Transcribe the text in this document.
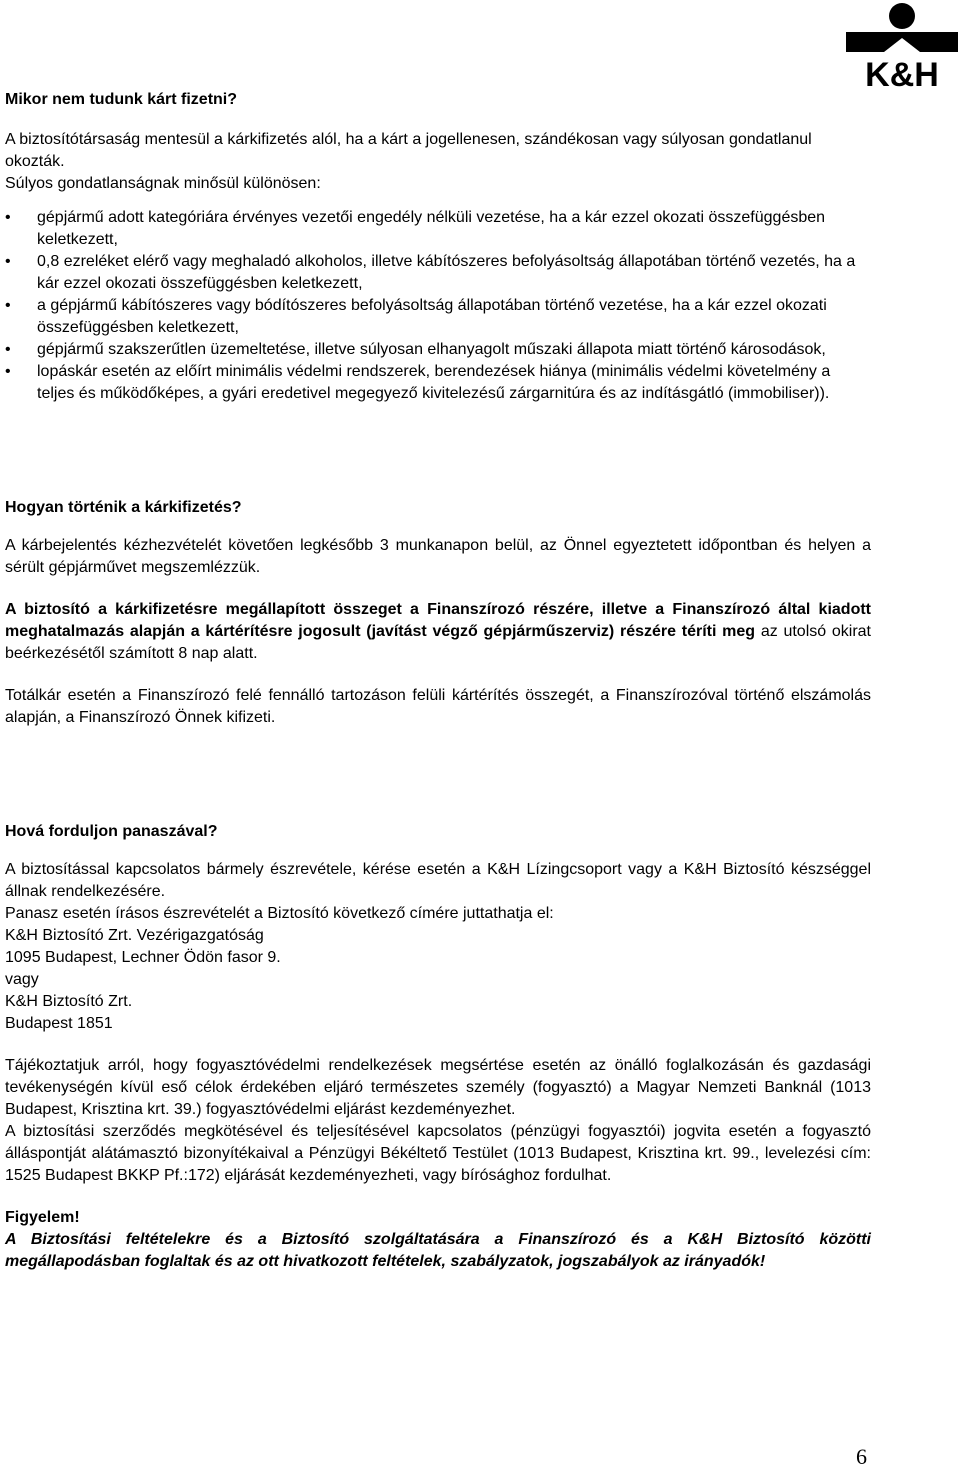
K&H

Mikor nem tudunk kárt fizetni?

A biztosítótársaság mentesül a kárkifizetés alól, ha a kárt a jogellenesen, szándékosan vagy súlyosan gondatlanul okozták.

Súlyos gondatlanságnak minősül különösen:

• gépjármű adott kategóriára érvényes vezetői engedély nélküli vezetése, ha a kár ezzel okozati összefüggésben keletkezett,
• 0,8 ezreléket elérő vagy meghaladó alkoholos, illetve kábítószeres befolyásoltság állapotában történő vezetés, ha a kár ezzel okozati összefüggésben keletkezett,
• a gépjármű kábítószeres vagy bódítószeres befolyásoltság állapotában történő vezetése, ha a kár ezzel okozati összefüggésben keletkezett,
• gépjármű szakszerűtlen üzemeltetése, illetve súlyosan elhanyagolt műszaki állapota miatt történő károsodások,
• lopáskár esetén az előírt minimális védelmi rendszerek, berendezések hiánya (minimális védelmi követelmény a teljes és működőképes, a gyári eredetivel megegyező kivitelezésű zárgarnitúra és az indításgátló (immobiliser)).

Hogyan történik a kárkifizetés?

A kárbejelentés kézhezvételét követően legkésőbb 3 munkanapon belül, az Önnel egyeztetett időpontban és helyen a sérült gépjárművet megszemlézzük.

A biztosító a kárkifizetésre megállapított összeget a Finanszírozó részére, illetve a Finanszírozó által kiadott meghatalmazás alapján a kártérítésre jogosult (javítást végző gépjárműszerviz) részére téríti meg az utolsó okirat beérkezésétől számított 8 nap alatt.

Totálkár esetén a Finanszírozó felé fennálló tartozáson felüli kártérítés összegét, a Finanszírozóval történő elszámolás alapján, a Finanszírozó Önnek kifizeti.

Hová forduljon panaszával?

A biztosítással kapcsolatos bármely észrevétele, kérése esetén a K&H Lízingcsoport vagy a K&H Biztosító készséggel állnak rendelkezésére.

Panasz esetén írásos észrevételét a Biztosító következő címére juttathatja el:

K&H Biztosító Zrt. Vezérigazgatóság

1095 Budapest, Lechner Ödön fasor 9.

vagy

K&H Biztosító Zrt.

Budapest 1851

Tájékoztatjuk arról, hogy fogyasztóvédelmi rendelkezések megsértése esetén az önálló foglalkozásán és gazdasági tevékenységén kívül eső célok érdekében eljáró természetes személy (fogyasztó) a Magyar Nemzeti Banknál (1013 Budapest, Krisztina krt. 39.) fogyasztóvédelmi eljárást kezdeményezhet.

A biztosítási szerződés megkötésével és teljesítésével kapcsolatos (pénzügyi fogyasztói) jogvita esetén a fogyasztó álláspontját alátámasztó bizonyítékaival a Pénzügyi Békéltető Testület (1013 Budapest, Krisztina krt. 99., levelezési cím: 1525 Budapest BKKP Pf.:172) eljárását kezdeményezheti, vagy bírósághoz fordulhat.

Figyelem!

A Biztosítási feltételekre és a Biztosító szolgáltatására a Finanszírozó és a K&H Biztosító közötti megállapodásban foglaltak és az ott hivatkozott feltételek, szabályzatok, jogszabályok az irányadók!

6
